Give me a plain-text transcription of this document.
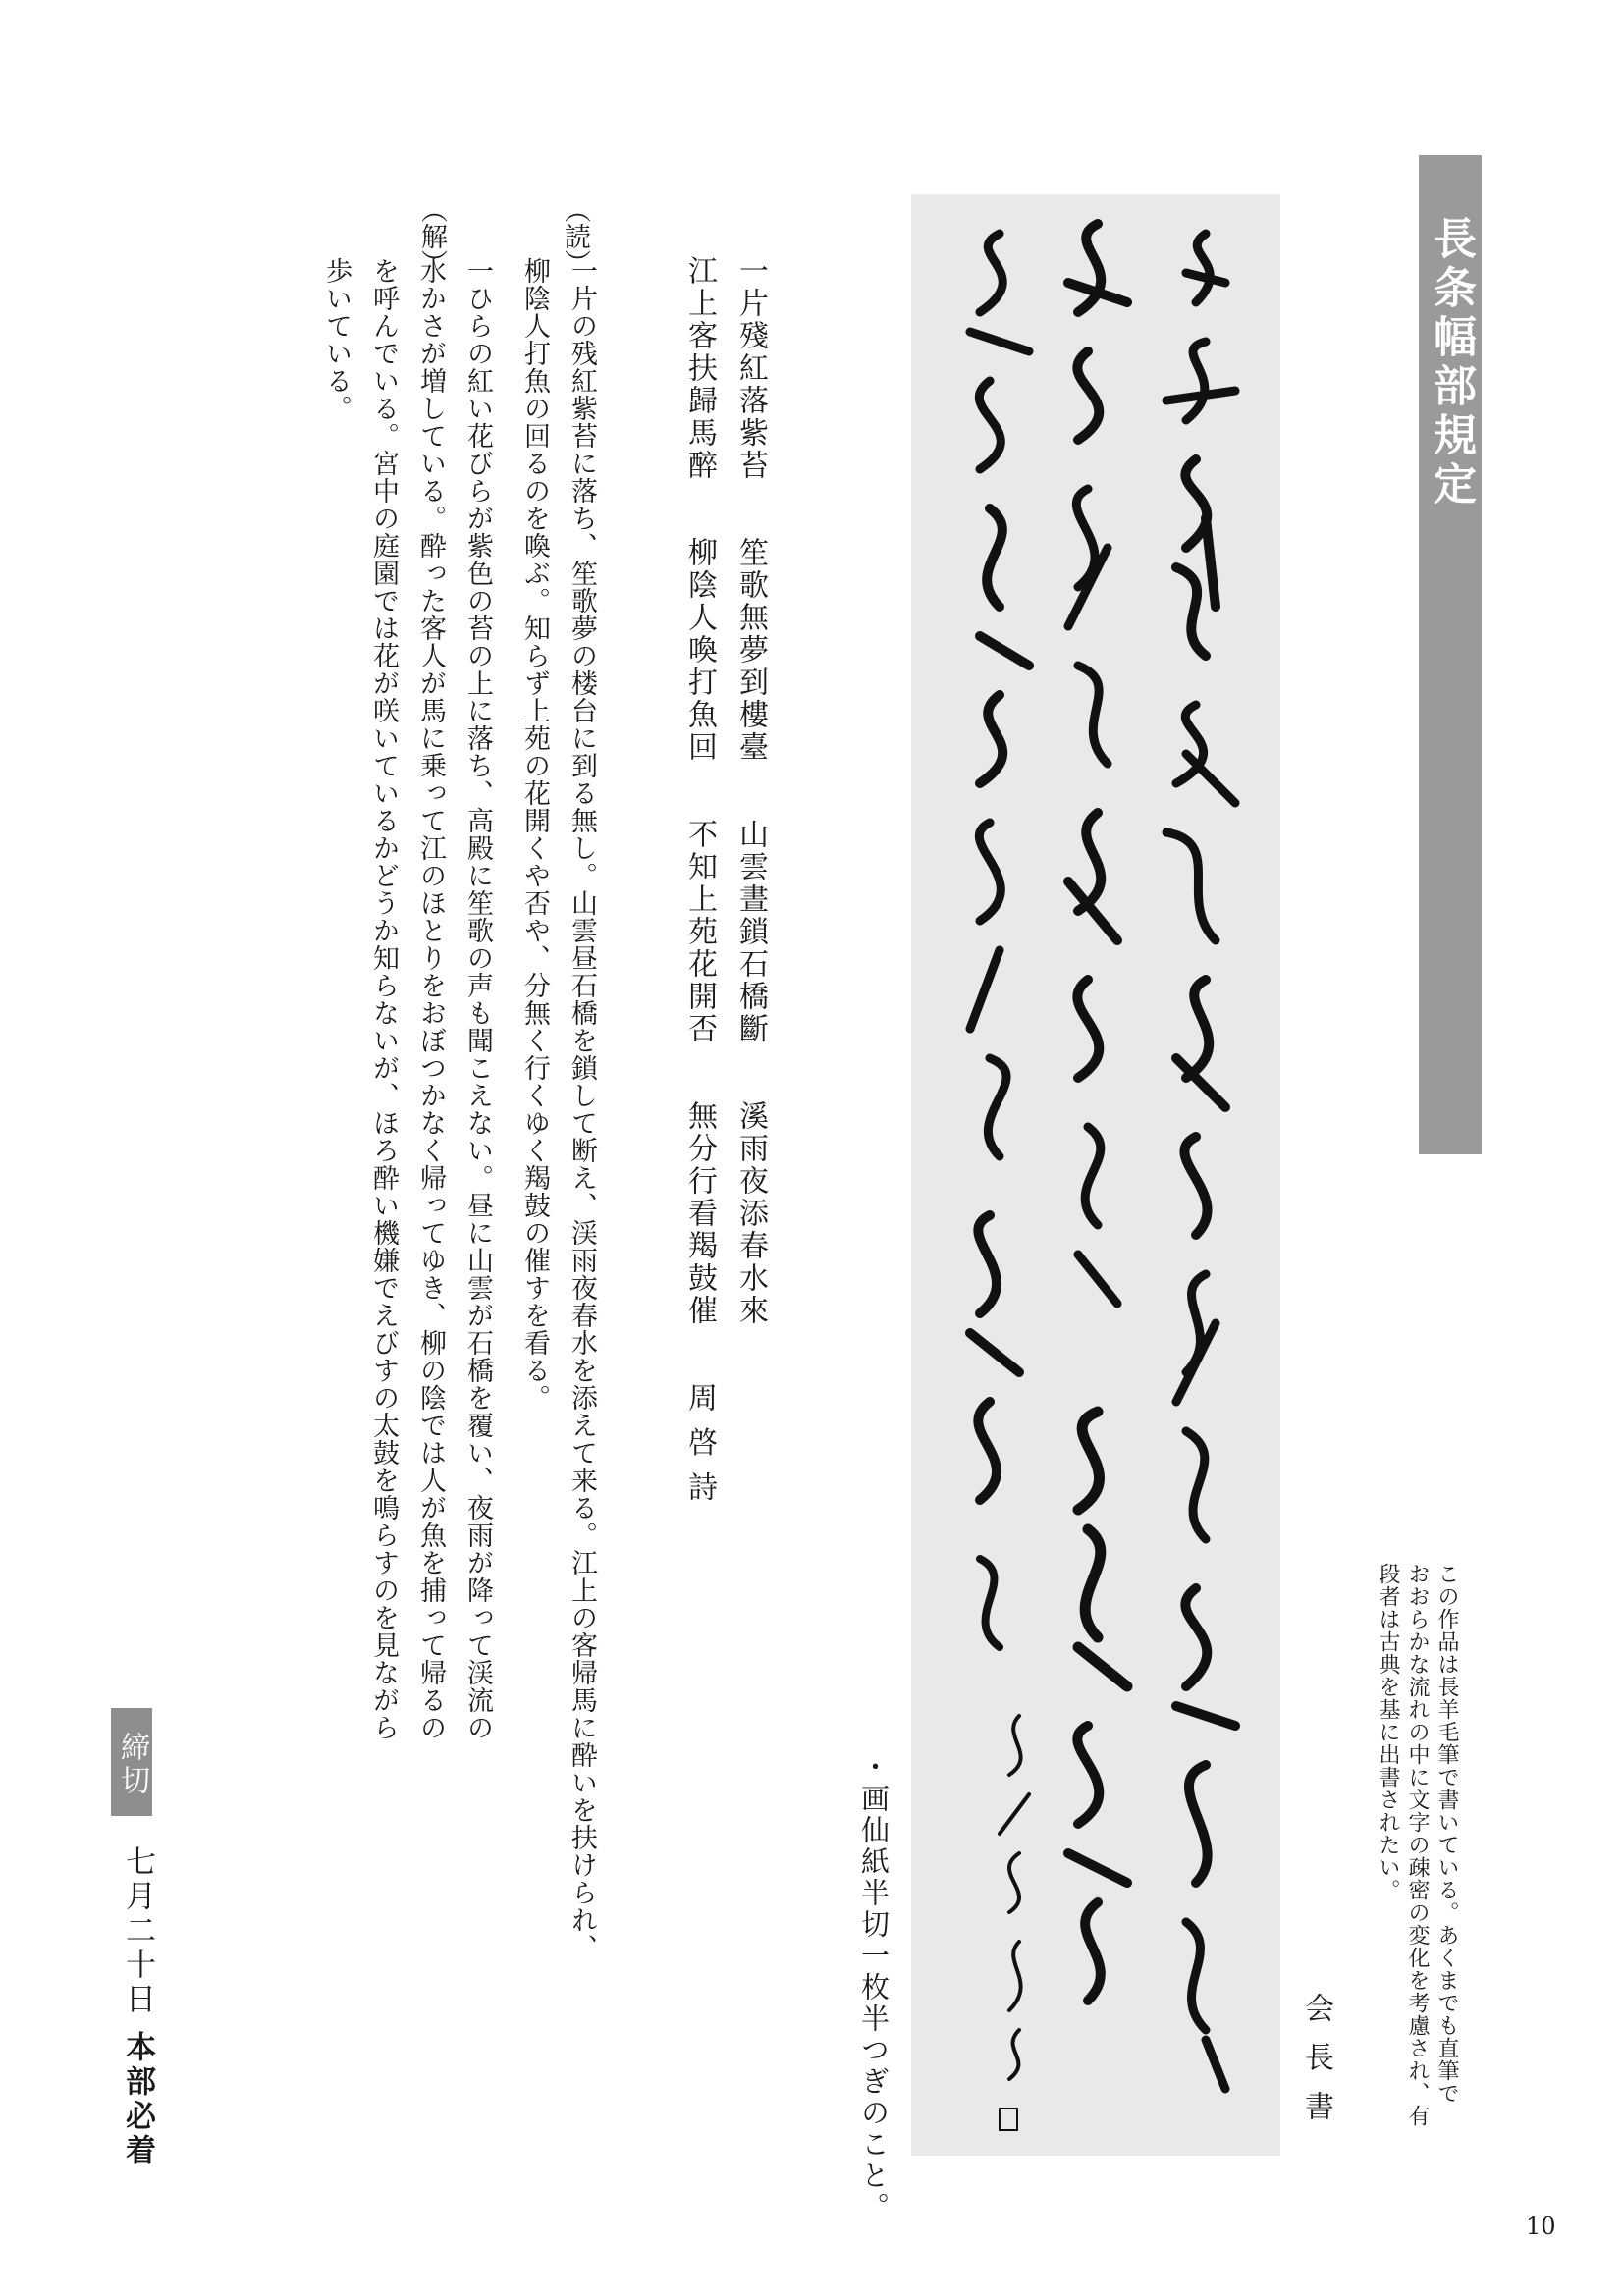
長条幅部規定
この作品は長羊毛筆で書いている。あくまでも直筆で
おおらかな流れの中に文字の疎密の変化を考慮され、有
段者は古典を基に出書されたい。
会長書
・画仙紙半切一枚半つぎのこと。
一片殘紅落紫苔笙歌無夢到樓臺山雲晝鎖石橋斷溪雨夜添春水來
江上客扶歸馬醉柳陰人喚打魚回不知上苑花開否無分行看羯鼓催周 啓 詩
（読）
一片の残紅紫苔に落ち、笙歌夢の楼台に到る無し。山雲昼石橋を鎖して断え、渓雨夜春水を添えて来る。江上の客帰馬に酔いを扶けられ、
柳陰人打魚の回るのを喚ぶ。知らず上苑の花開くや否や、分無く行くゆく羯鼓の催すを看る。
（解）
一ひらの紅い花びらが紫色の苔の上に落ち、高殿に笙歌の声も聞こえない。昼に山雲が石橋を覆い、夜雨が降って渓流の
水かさが増している。酔った客人が馬に乗って江のほとりをおぼつかなく帰ってゆき、柳の陰では人が魚を捕って帰るの
を呼んでいる。宮中の庭園では花が咲いているかどうか知らないが、ほろ酔い機嫌でえびすの太鼓を鳴らすのを見ながら
歩いている。
締切
七月二十日本部必着
10
